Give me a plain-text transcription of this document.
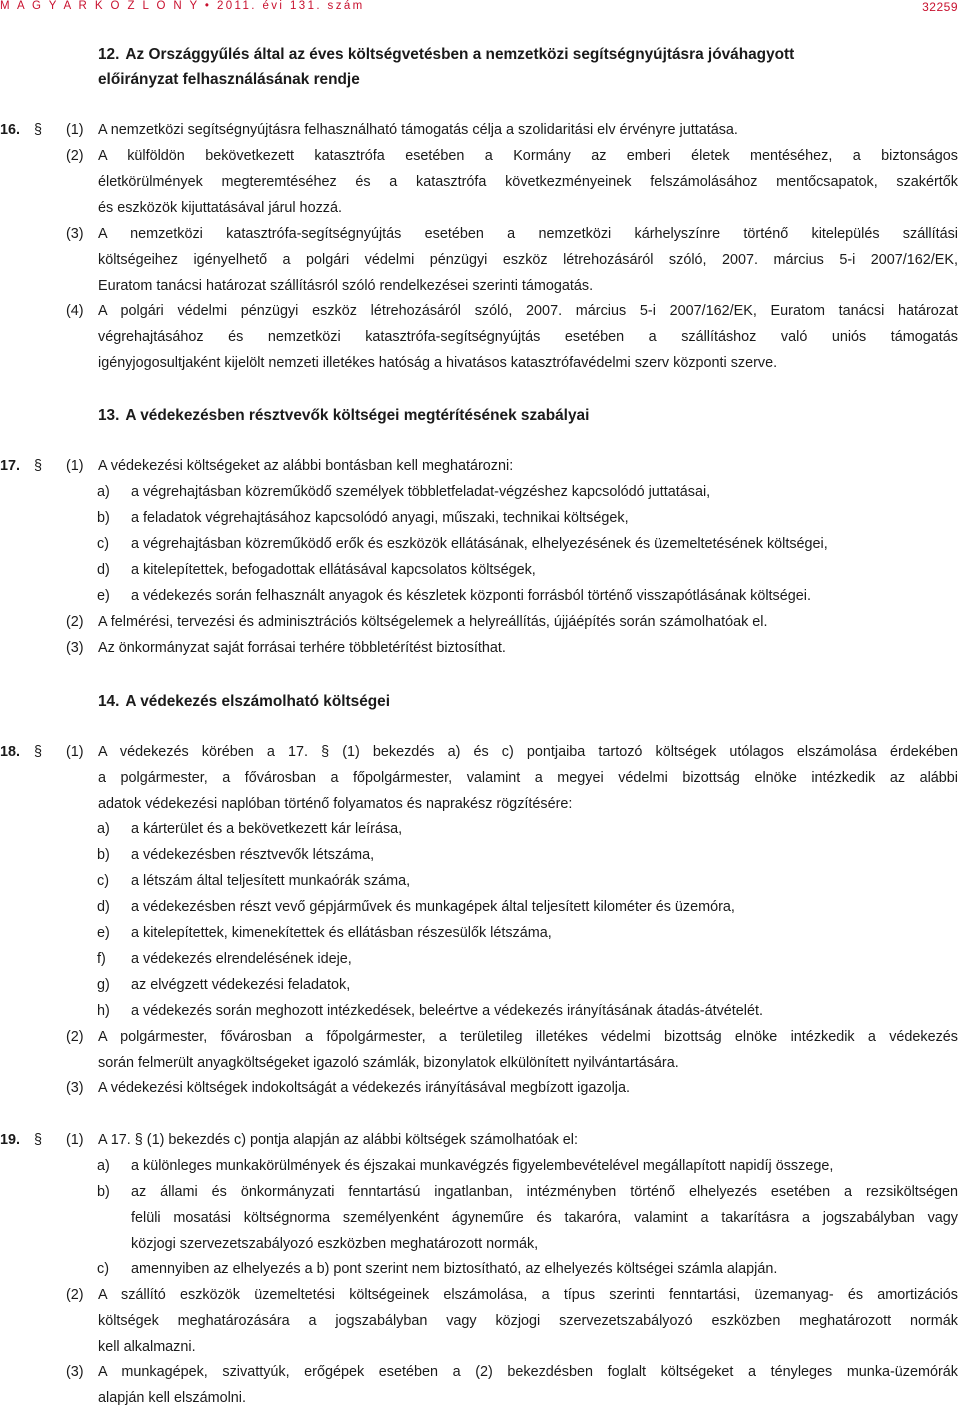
M A G Y A R K Ö Z L Ö N Y • 2011. évi 131. szám	32259
12. Az Országgyűlés által az éves költségvetésben a nemzetközi segítségnyújtásra jóváhagyott
előirányzat felhasználásának rendje
16. § (1) A nemzetközi segítségnyújtásra felhasználható támogatás célja a szolidaritási elv érvényre juttatása.
(2) A külföldön bekövetkezett katasztrófa esetében a Kormány az emberi életek mentéséhez, a biztonságos
életkörülmények megteremtéséhez és a katasztrófa következményeinek felszámolásához mentőcsapatok, szakértők
és eszközök kijuttatásával járul hozzá.
(3) A nemzetközi katasztrófa-segítségnyújtás esetében a nemzetközi kárhelyszínre történő kitelepülés szállítási
költségeihez igényelhető a polgári védelmi pénzügyi eszköz létrehozásáról szóló, 2007. március 5-i 2007/162/EK,
Euratom tanácsi határozat szállításról szóló rendelkezései szerinti támogatás.
(4) A polgári védelmi pénzügyi eszköz létrehozásáról szóló, 2007. március 5-i 2007/162/EK, Euratom tanácsi határozat
végrehajtásához és nemzetközi katasztrófa-segítségnyújtás esetében a szállításhoz való uniós támogatás
igényjogosultjaként kijelölt nemzeti illetékes hatóság a hivatásos katasztrófavédelmi szerv központi szerve.
13. A védekezésben résztvevők költségei megtérítésének szabályai
17. § (1) A védekezési költségeket az alábbi bontásban kell meghatározni:
a) a végrehajtásban közreműködő személyek többletfeladat-végzéshez kapcsolódó juttatásai,
b) a feladatok végrehajtásához kapcsolódó anyagi, műszaki, technikai költségek,
c) a végrehajtásban közreműködő erők és eszközök ellátásának, elhelyezésének és üzemeltetésének költségei,
d) a kitelepítettek, befogadottak ellátásával kapcsolatos költségek,
e) a védekezés során felhasznált anyagok és készletek központi forrásból történő visszapótlásának költségei.
(2) A felmérési, tervezési és adminisztrációs költségelemek a helyreállítás, újjáépítés során számolhatóak el.
(3) Az önkormányzat saját forrásai terhére többletérítést biztosíthat.
14. A védekezés elszámolható költségei
18. § (1) A védekezés körében a 17. § (1) bekezdés a) és c) pontjaiba tartozó költségek utólagos elszámolása érdekében
a polgármester, a fővárosban a főpolgármester, valamint a megyei védelmi bizottság elnöke intézkedik az alábbi
adatok védekezési naplóban történő folyamatos és naprakész rögzítésére:
a) a kárterület és a bekövetkezett kár leírása,
b) a védekezésben résztvevők létszáma,
c) a létszám által teljesített munkaórák száma,
d) a védekezésben részt vevő gépjárművek és munkagépek által teljesített kilométer és üzemóra,
e) a kitelepítettek, kimenekítettek és ellátásban részesülők létszáma,
f) a védekezés elrendelésének ideje,
g) az elvégzett védekezési feladatok,
h) a védekezés során meghozott intézkedések, beleértve a védekezés irányításának átadás-átvételét.
(2) A polgármester, fővárosban a főpolgármester, a területileg illetékes védelmi bizottság elnöke intézkedik a védekezés
során felmerült anyagköltségeket igazoló számlák, bizonylatok elkülönített nyilvántartására.
(3) A védekezési költségek indokoltságát a védekezés irányításával megbízott igazolja.
19. § (1) A 17. § (1) bekezdés c) pontja alapján az alábbi költségek számolhatóak el:
a) a különleges munkakörülmények és éjszakai munkavégzés figyelembevételével megállapított napidíj összege,
b) az állami és önkormányzati fenntartású ingatlanban, intézményben történő elhelyezés esetében a rezsiköltségen
felüli mosatási költségnorma személyenként ágyneműre és takaróra, valamint a takarításra a jogszabályban vagy
közjogi szervezetszabályozó eszközben meghatározott normák,
c) amennyiben az elhelyezés a b) pont szerint nem biztosítható, az elhelyezés költségei számla alapján.
(2) A szállító eszközök üzemeltetési költségeinek elszámolása, a típus szerinti fenntartási, üzemanyag- és amortizációs
költségek meghatározására a jogszabályban vagy közjogi szervezetszabályozó eszközben meghatározott normák
kell alkalmazni.
(3) A munkagépek, szivattyúk, erőgépek esetében a (2) bekezdésben foglalt költségeket a tényleges munka-üzemórák
alapján kell elszámolni.
